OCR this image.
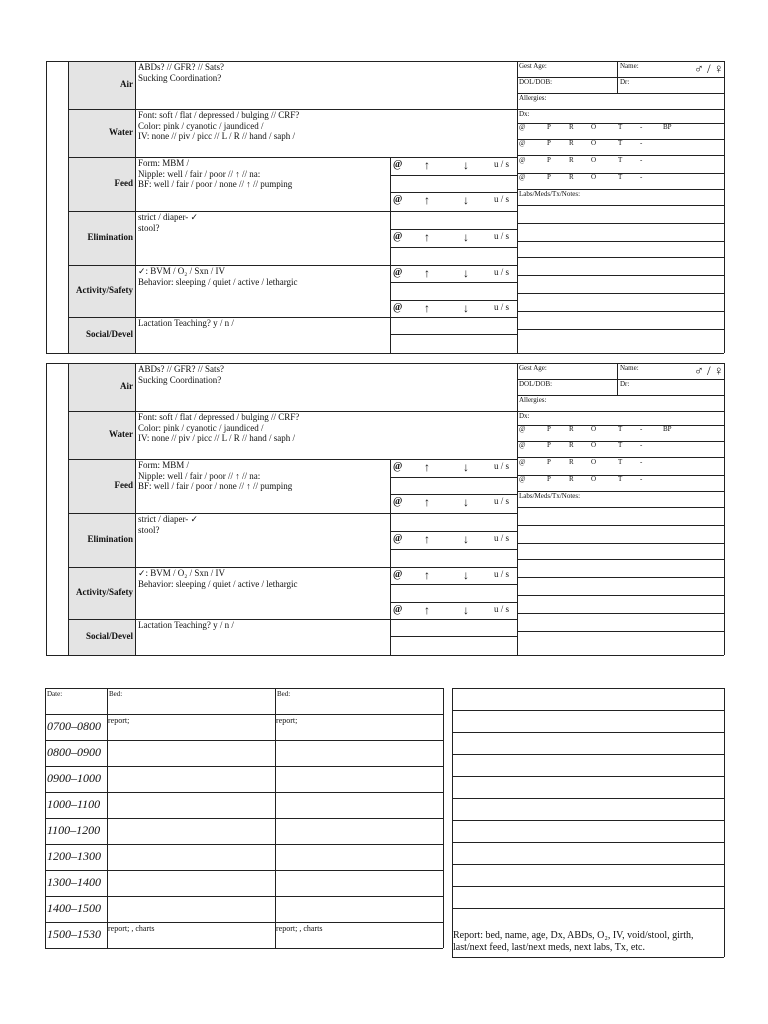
Air
ABDs? // GFR? // Sats?
Sucking Coordination?
Water
Font: soft / flat / depressed / bulging // CRF?
Color: pink / cyanotic / jaundiced /
IV: none // piv / picc // L / R // hand / saph /
Feed
Form: MBM /
Nipple: well / fair / poor // ↑ // na:
BF: well / fair / poor / none // ↑ // pumping
Elimination
strict / diaper- ✓
stool?
Activity/Safety
✓: BVM / O₂ / Sxn / IV
Behavior: sleeping / quiet / active / lethargic
Social/Devel
Lactation Teaching? y / n /
@ ↑	↓	u / s
@ ↑	↓	u / s
@ ↑	↓	u / s
@ ↑	↓	u / s
@ ↑	↓	u / s
Gest Age:	Name:	♂ / ♀
DOL/DOB:	Dr:
Allergies:
Dx:
@	P	R O	T	-	BP
@	P	R O	T	-
@	P	R O	T	-
@	P	R O	T	-
Labs/Meds/Tx/Notes:
Air
ABDs? // GFR? // Sats?
Sucking Coordination?
Water
Font: soft / flat / depressed / bulging // CRF?
Color: pink / cyanotic / jaundiced /
IV: none // piv / picc // L / R // hand / saph /
Feed
Form: MBM /
Nipple: well / fair / poor // ↑ // na:
BF: well / fair / poor / none // ↑ // pumping
Elimination
strict / diaper- ✓
stool?
Activity/Safety
✓: BVM / O₂ / Sxn / IV
Behavior: sleeping / quiet / active / lethargic
Social/Devel
Lactation Teaching? y / n /
@ ↑	↓	u / s
@ ↑	↓	u / s
@ ↑	↓	u / s
@ ↑	↓	u / s
@ ↑	↓	u / s
Gest Age:	Name:	♂ / ♀
DOL/DOB:	Dr:
Allergies:
Dx:
@	P	R O	T	-	BP
@	P	R O	T	-
@	P	R O	T	-
@	P	R O	T	-
Labs/Meds/Tx/Notes:
Date:	Bed:	Bed:
0700–0800 report;	report;
0800–0900
0900–1000
1000–1100
1100–1200
1200–1300
1300–1400
1400–1500
1500–1530 report; , charts	report; , charts
Report: bed, name, age, Dx, ABDs, O₂, IV, void/stool, girth,
last/next feed, last/next meds, next labs, Tx, etc.
